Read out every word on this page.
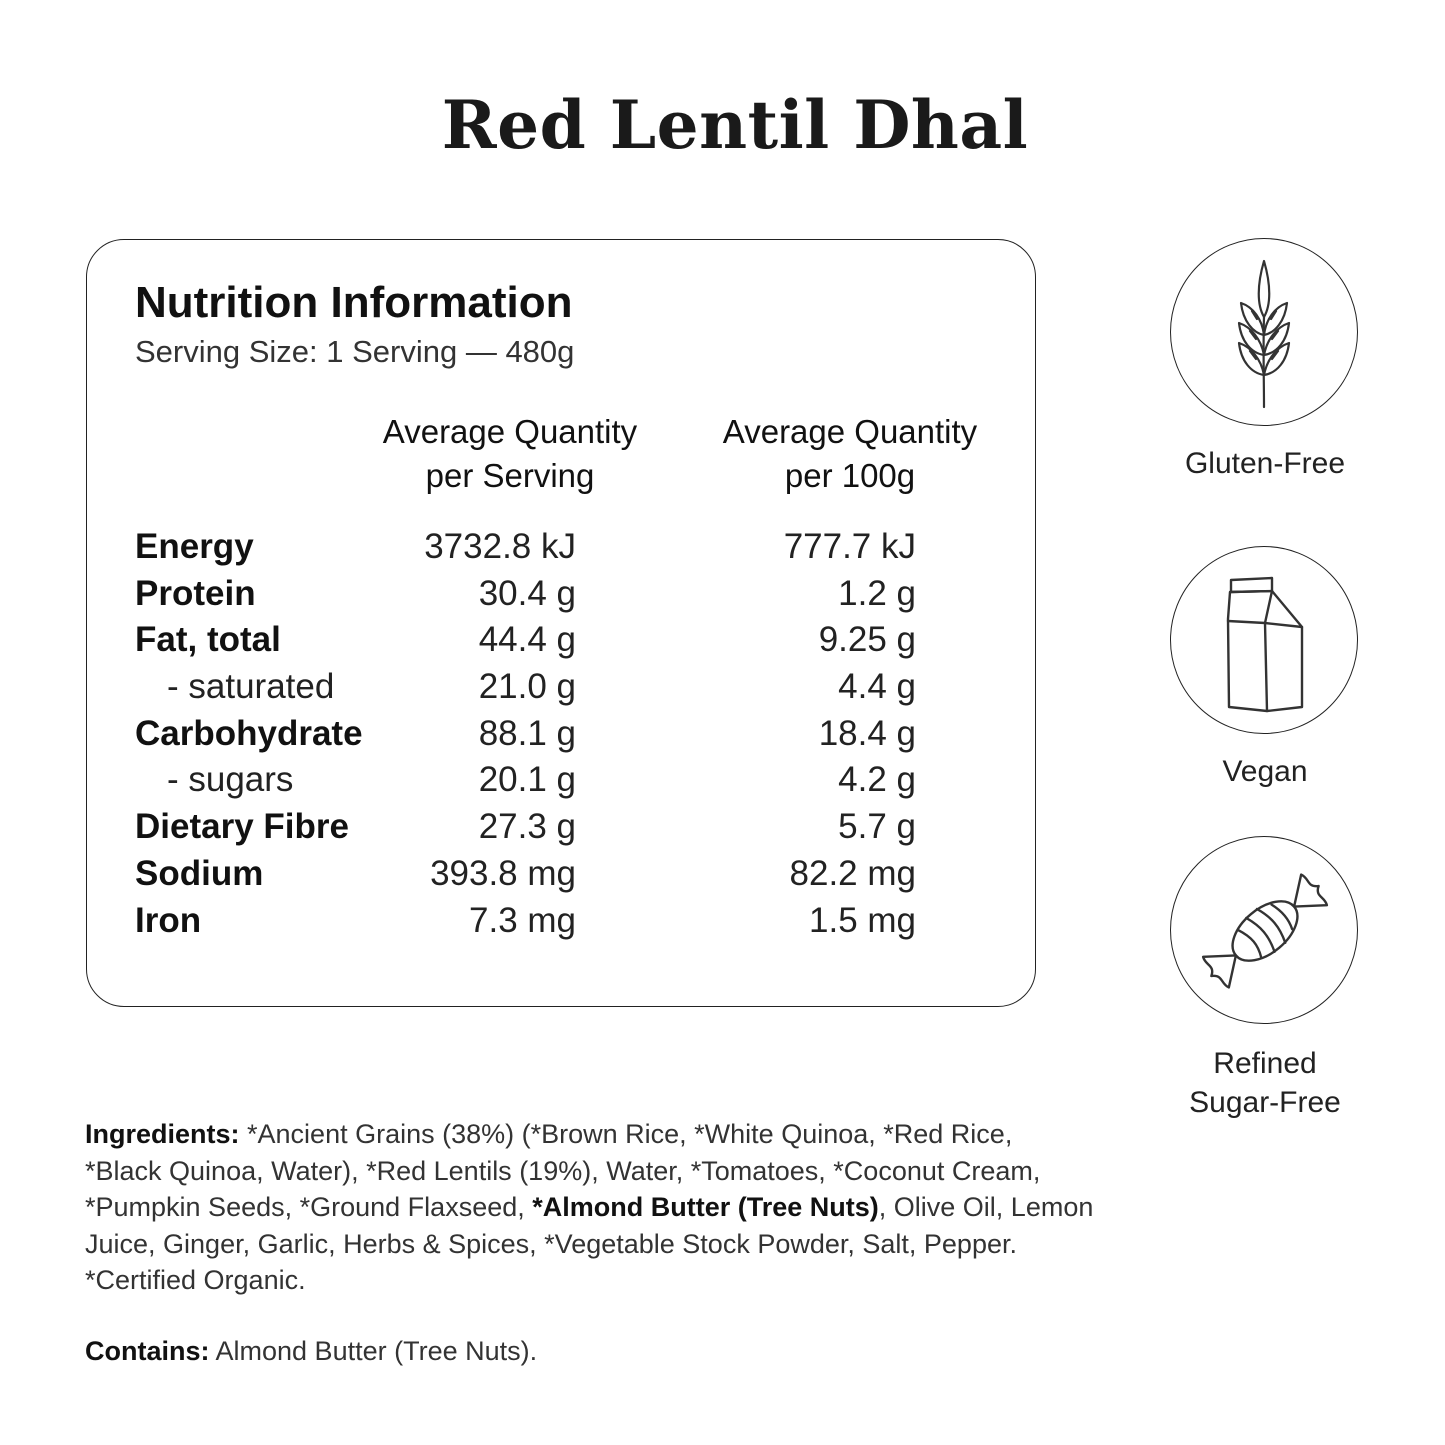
Red Lentil Dhal
Nutrition Information
Serving Size: 1 Serving — 480g
Average Quantity
per Serving
Average Quantity
per 100g
Energy	3732.8 kJ	777.7 kJ
Protein	30.4 g	1.2 g
Fat, total	44.4 g	9.25 g
- saturated	21.0 g	4.4 g
Carbohydrate	88.1 g	18.4 g
- sugars	20.1 g	4.2 g
Dietary Fibre	27.3 g	5.7 g
Sodium	393.8 mg	82.2 mg
Iron	7.3 mg	1.5 mg
Gluten-Free
Vegan
Refined
Sugar-Free
Ingredients: *Ancient Grains (38%) (*Brown Rice, *White Quinoa, *Red Rice, *Black Quinoa, Water), *Red Lentils (19%), Water, *Tomatoes, *Coconut Cream, *Pumpkin Seeds, *Ground Flaxseed, *Almond Butter (Tree Nuts), Olive Oil, Lemon Juice, Ginger, Garlic, Herbs & Spices, *Vegetable Stock Powder, Salt, Pepper. *Certified Organic.
Contains: Almond Butter (Tree Nuts).
